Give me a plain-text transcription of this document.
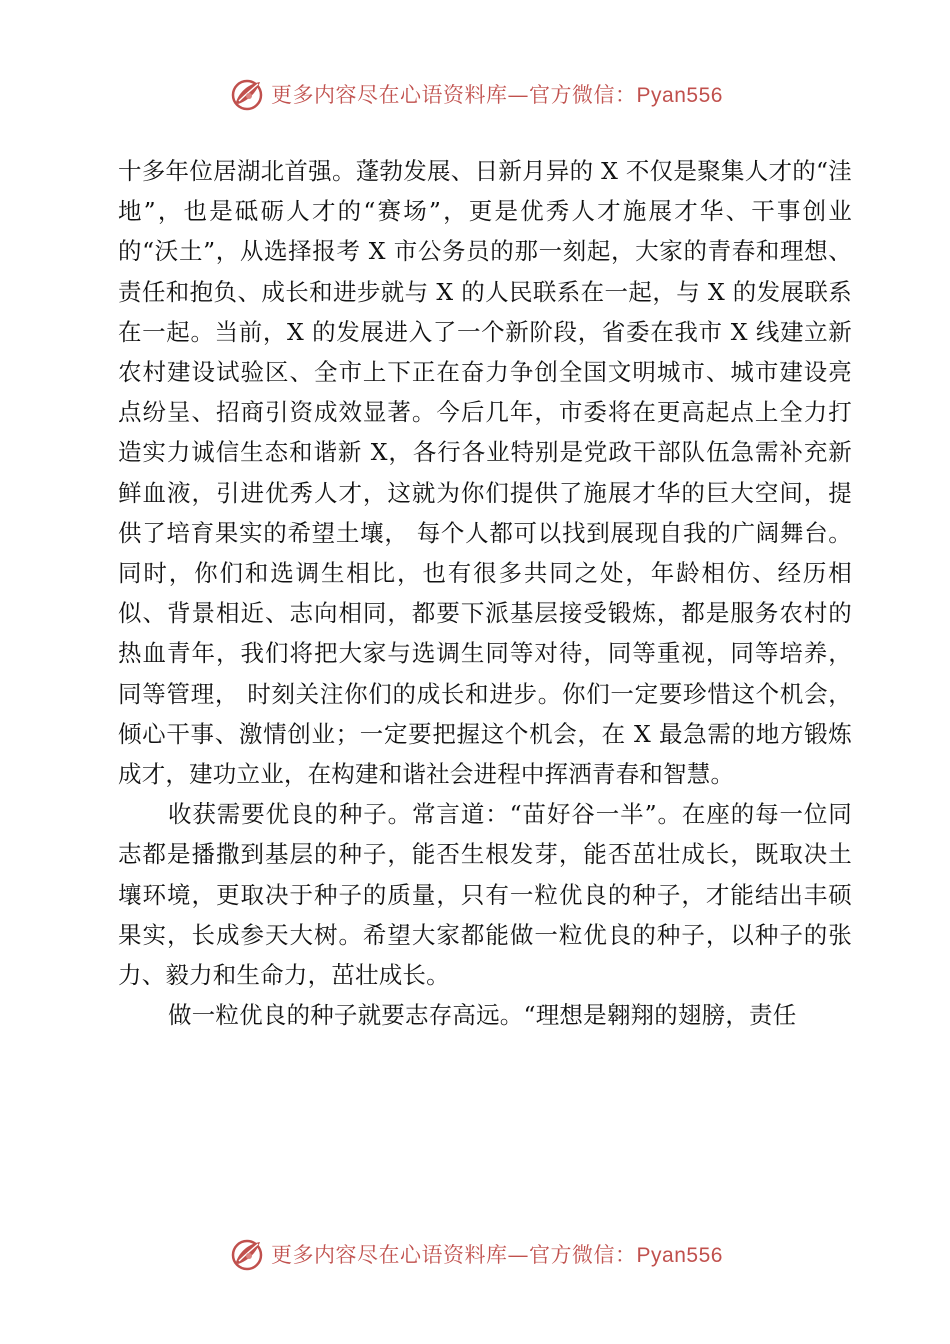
更多内容尽在心语资料库—官方微信：Pyan556

十多年位居湖北首强。蓬勃发展、日新月异的 X 不仅是聚集人才的“洼地”，也是砥砺人才的“赛场”，更是优秀人才施展才华、干事创业的“沃土”，从选择报考 X 市公务员的那一刻起，大家的青春和理想、责任和抱负、成长和进步就与 X 的人民联系在一起，与 X 的发展联系在一起。当前，X 的发展进入了一个新阶段，省委在我市 X 线建立新农村建设试验区、全市上下正在奋力争创全国文明城市、城市建设亮点纷呈、招商引资成效显著。今后几年，市委将在更高起点上全力打造实力诚信生态和谐新 X，各行各业特别是党政干部队伍急需补充新鲜血液，引进优秀人才，这就为你们提供了施展才华的巨大空间，提供了培育果实的希望土壤， 每个人都可以找到展现自我的广阔舞台。同时，你们和选调生相比，也有很多共同之处，年龄相仿、经历相似、背景相近、志向相同，都要下派基层接受锻炼，都是服务农村的热血青年，我们将把大家与选调生同等对待，同等重视，同等培养，同等管理， 时刻关注你们的成长和进步。你们一定要珍惜这个机会，倾心干事、激情创业；一定要把握这个机会，在 X 最急需的地方锻炼成才，建功立业，在构建和谐社会进程中挥洒青春和智慧。

收获需要优良的种子。常言道：“苗好谷一半”。在座的每一位同志都是播撒到基层的种子，能否生根发芽，能否茁壮成长，既取决土壤环境，更取决于种子的质量，只有一粒优良的种子，才能结出丰硕果实，长成参天大树。希望大家都能做一粒优良的种子，以种子的张力、毅力和生命力，茁壮成长。

做一粒优良的种子就要志存高远。“理想是翱翔的翅膀，责任

更多内容尽在心语资料库—官方微信：Pyan556
